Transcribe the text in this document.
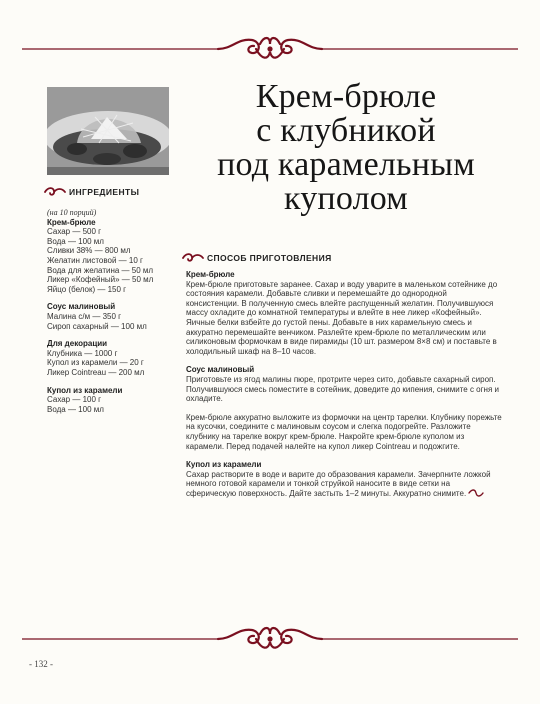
Крем-брюле
с клубникой
под карамельным
куполом
ИНГРЕДИЕНТЫ
(на 10 порций)
Крем-брюле
Сахар — 500 г
Вода — 100 мл
Сливки 38% — 800 мл
Желатин листовой — 10 г
Вода для желатина — 50 мл
Ликер «Кофейный» — 50 мл
Яйцо (белок) — 150 г
Соус малиновый
Малина с/м — 350 г
Сироп сахарный — 100 мл
Для декорации
Клубника — 1000 г
Купол из карамели — 20 г
Ликер Cointreau — 200 мл
Купол из карамели
Сахар — 100 г
Вода — 100 мл
СПОСОБ ПРИГОТОВЛЕНИЯ
Крем-брюле

Крем-брюле приготовьте заранее. Сахар и воду уварите в маленьком сотейнике до состояния карамели. Добавьте сливки и перемешайте до однородной консистенции. В полученную смесь влейте распущенный желатин. Получившуюся массу охладите до комнатной температуры и влейте в нее ликер «Кофейный». Яичные белки взбейте до густой пены. Добавьте в них карамельную смесь и аккуратно перемешайте венчиком. Разлейте крем-брюле по металлическим или силиконовым формочкам в виде пирамиды (10 шт. размером 8×8 см) и поставьте в холодильный шкаф на 8–10 часов.

Соус малиновый

Приготовьте из ягод малины пюре, протрите через сито, добавьте сахарный сироп. Получившуюся смесь поместите в сотейник, доведите до кипения, снимите с огня и охладите.

Крем-брюле аккуратно выложите из формочки на центр тарелки. Клубнику порежьте на кусочки, соедините с малиновым соусом и слегка подогрейте. Разложите клубнику на тарелке вокруг крем-брюле. Накройте крем-брюле куполом из карамели. Перед подачей налейте на купол ликер Cointreau и подожгите.

Купол из карамели

Сахар растворите в воде и варите до образования карамели. Зачерпните ложкой немного готовой карамели и тонкой струйкой наносите в виде сетки на сферическую поверхность. Дайте застыть 1–2 минуты. Аккуратно снимите.

- 132 -
